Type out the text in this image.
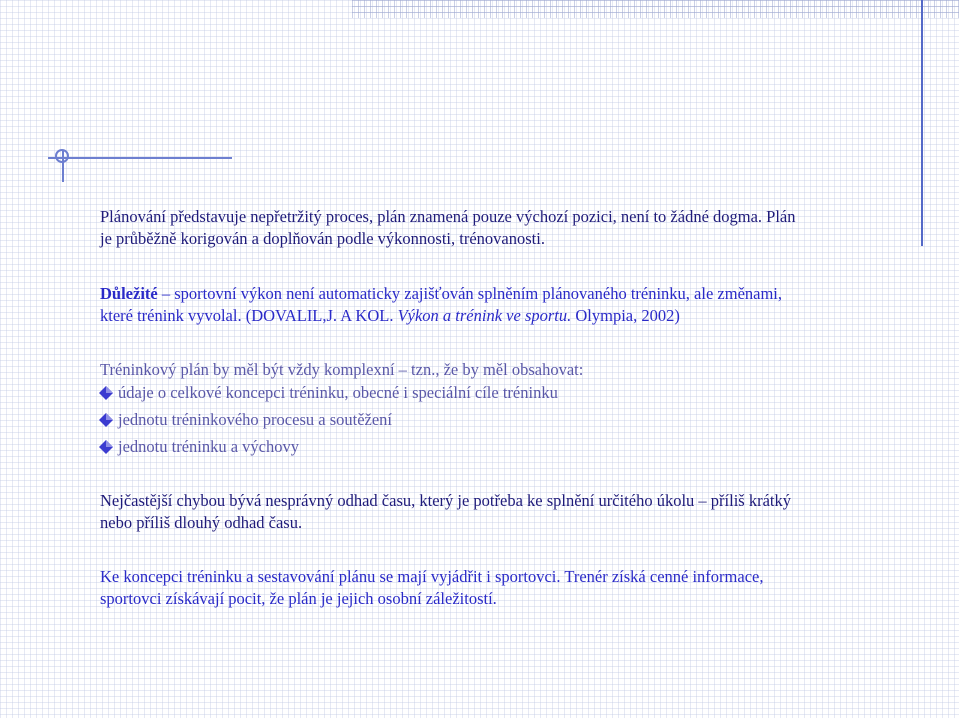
Plánování představuje nepřetržitý proces, plán znamená pouze výchozí pozici, není to žádné dogma. Plán
je průběžně korigován a doplňován podle výkonnosti, trénovanosti.
Důležité – sportovní výkon není automaticky zajišťován splněním plánovaného tréninku, ale změnami,
které trénink vyvolal. (DOVALIL,J. A KOL. Výkon a trénink ve sportu. Olympia, 2002)
Tréninkový plán by měl být vždy komplexní – tzn., že by měl obsahovat:
údaje o celkové koncepci tréninku, obecné i speciální cíle tréninku
jednotu tréninkového procesu a soutěžení
jednotu tréninku a výchovy
Nejčastější chybou bývá nesprávný odhad času, který je potřeba ke splnění určitého úkolu – příliš krátký
nebo příliš dlouhý odhad času.
Ke koncepci tréninku a sestavování plánu se mají vyjádřit i sportovci. Trenér získá cenné informace,
sportovci získávají pocit, že plán je jejich osobní záležitostí.
